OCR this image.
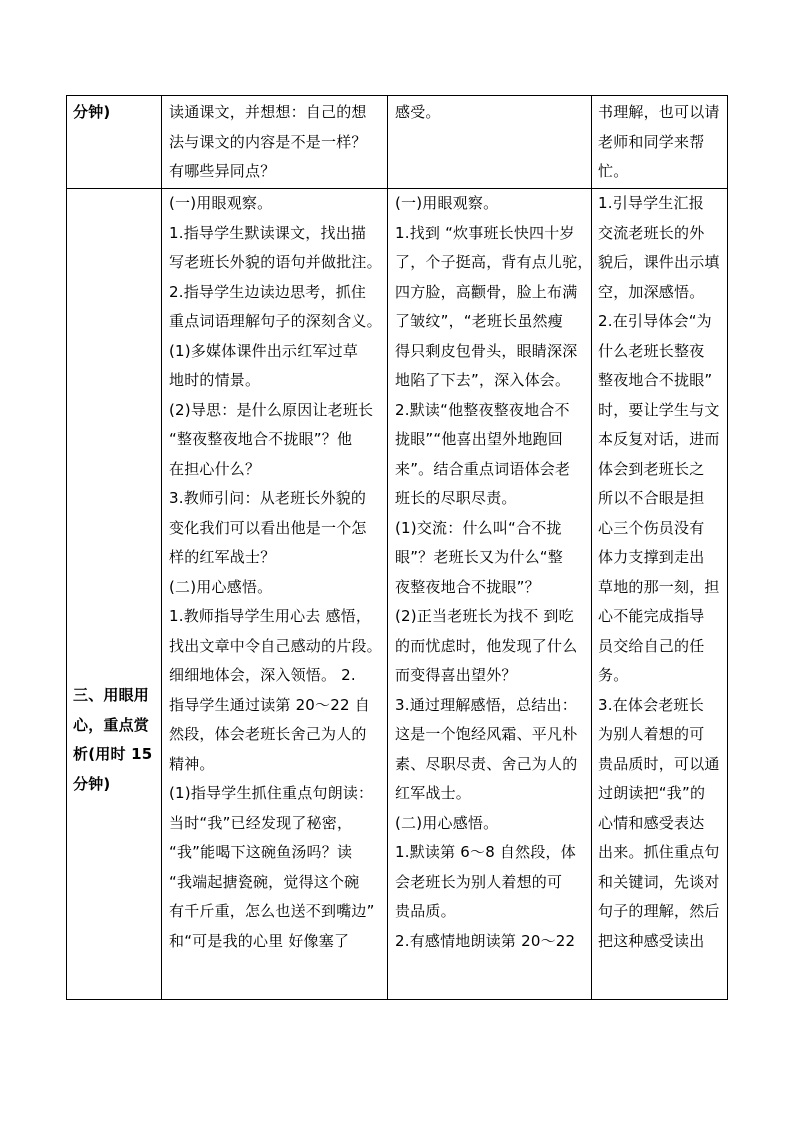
分钟)	读通课文，并想想：自己的想
法与课文的内容是不是一样？
有哪些异同点？
感受。	书理解，也可以请
老师和同学来帮
忙。
三、用眼用
心，重点赏
析(用时 15
分钟)
(一)用眼观察。
1.指导学生默读课文，找出描
写老班长外貌的语句并做批注。
2.指导学生边读边思考，抓住
重点词语理解句子的深刻含义。
(1)多媒体课件出示红军过草
地时的情景。
(2)导思：是什么原因让老班长
“整夜整夜地合不拢眼”？他
在担心什么？
3.教师引问：从老班长外貌的
变化我们可以看出他是一个怎
样的红军战士？
(二)用心感悟。
1.教师指导学生用心去 感悟，
找出文章中令自己感动的片段。
细细地体会，深入领悟。 2.
指导学生通过读第 20～22 自
然段，体会老班长舍己为人的
精神。
(1)指导学生抓住重点句朗读：
当时“我”已经发现了秘密，
“我”能喝下这碗鱼汤吗？读
“我端起搪瓷碗，觉得这个碗
有千斤重，怎么也送不到嘴边”
和“可是我的心里 好像塞了
(一)用眼观察。
1.找到 “炊事班长快四十岁
了，个子挺高，背有点儿驼，
四方脸，高颧骨，脸上布满
了皱纹”，“老班长虽然瘦
得只剩皮包骨头，眼睛深深
地陷了下去”，深入体会。
2.默读“他整夜整夜地合不
拢眼”“他喜出望外地跑回
来”。结合重点词语体会老
班长的尽职尽责。
(1)交流：什么叫“合不拢
眼”？老班长又为什么“整
夜整夜地合不拢眼”？
(2)正当老班长为找不 到吃
的而忧虑时，他发现了什么
而变得喜出望外？
3.通过理解感悟，总结出：
这是一个饱经风霜、平凡朴
素、尽职尽责、舍己为人的
红军战士。
(二)用心感悟。
1.默读第 6～8 自然段，体
会老班长为别人着想的可
贵品质。
2.有感情地朗读第 20～22
1.引导学生汇报
交流老班长的外
貌后，课件出示填
空，加深感悟。
2.在引导体会“为
什么老班长整夜
整夜地合不拢眼”
时，要让学生与文
本反复对话，进而
体会到老班长之
所以不合眼是担
心三个伤员没有
体力支撑到走出
草地的那一刻，担
心不能完成指导
员交给自己的任
务。
3.在体会老班长
为别人着想的可
贵品质时，可以通
过朗读把“我”的
心情和感受表达
出来。抓住重点句
和关键词，先谈对
句子的理解，然后
把这种感受读出
